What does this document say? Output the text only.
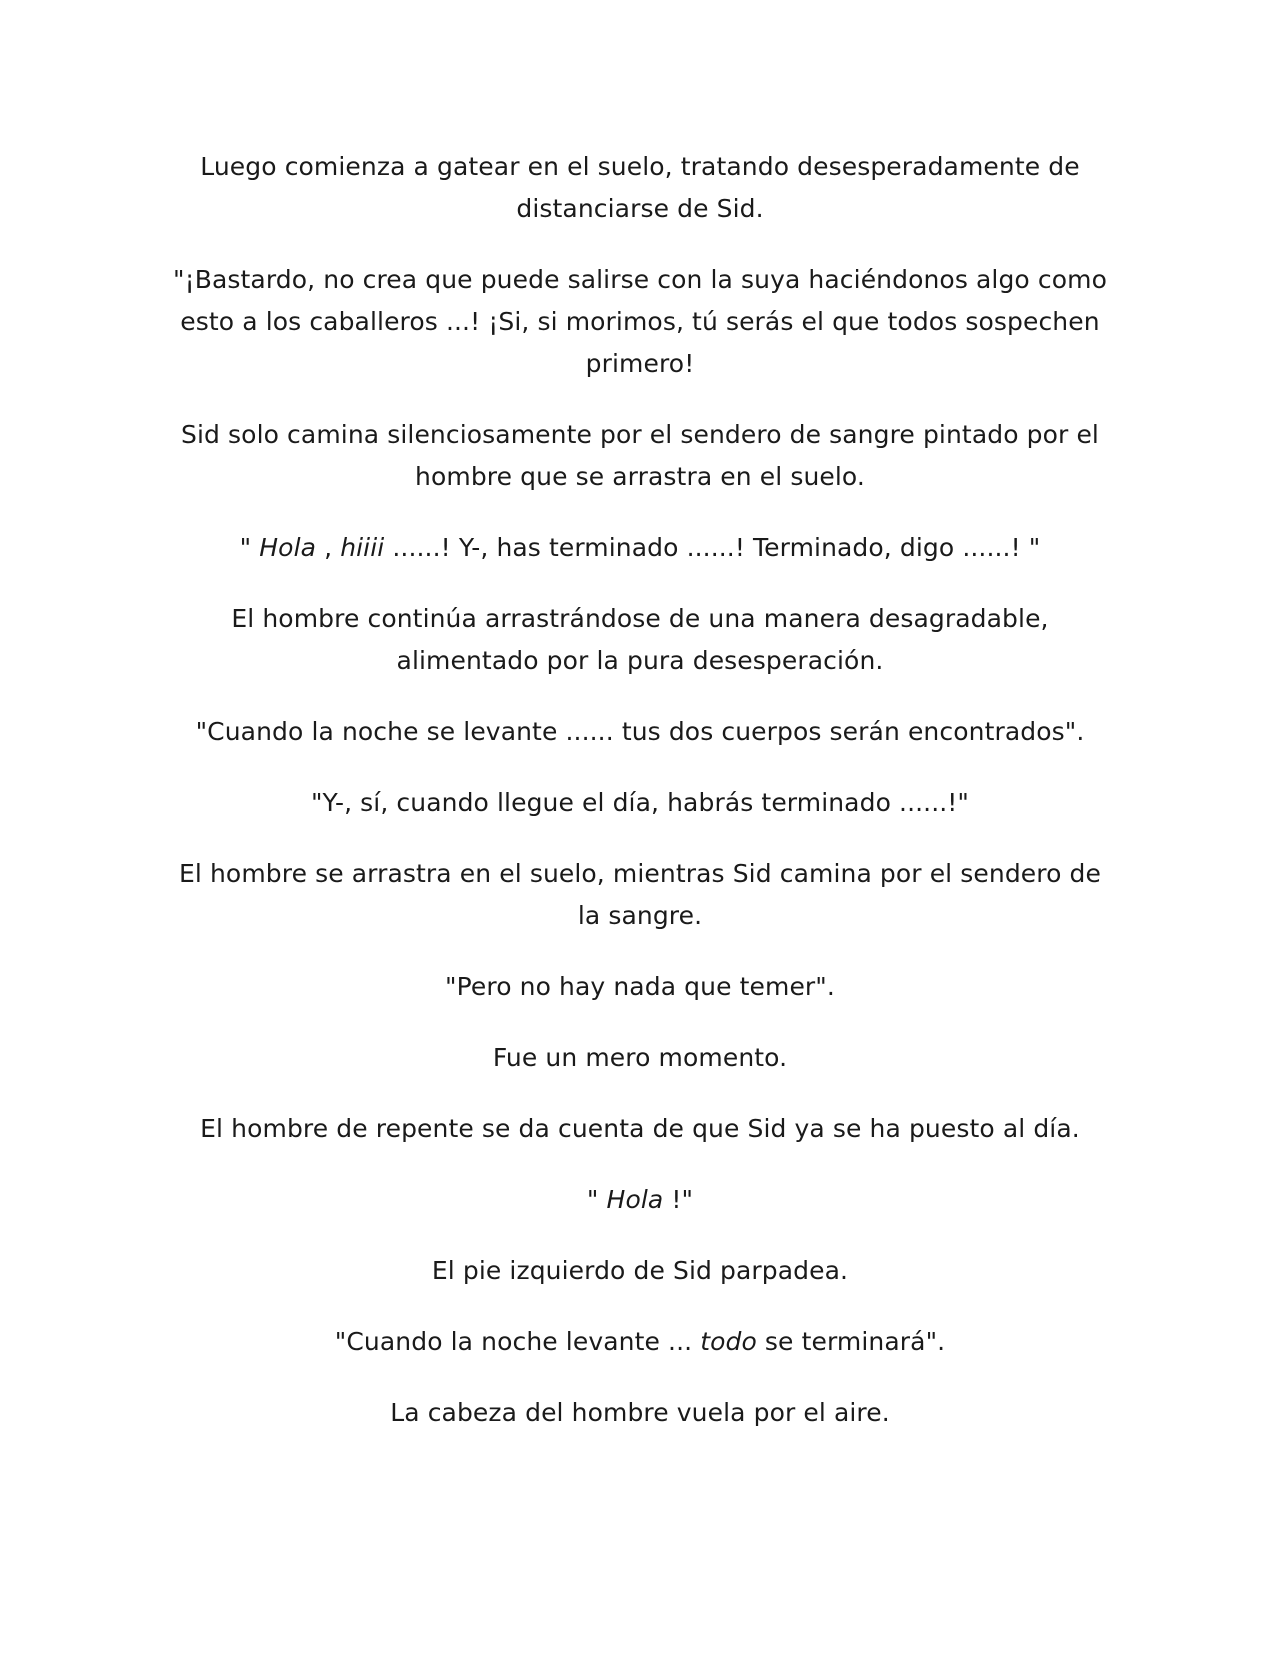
Luego comienza a gatear en el suelo, tratando desesperadamente de distanciarse de Sid.

"¡Bastardo, no crea que puede salirse con la suya haciéndonos algo como esto a los caballeros ...! ¡Si, si morimos, tú serás el que todos sospechen primero!

Sid solo camina silenciosamente por el sendero de sangre pintado por el hombre que se arrastra en el suelo.

" Hola , hiiii ......! Y-, has terminado ......! Terminado, digo ......! "

El hombre continúa arrastrándose de una manera desagradable, alimentado por la pura desesperación.

"Cuando la noche se levante ...... tus dos cuerpos serán encontrados".

"Y-, sí, cuando llegue el día, habrás terminado ......!"

El hombre se arrastra en el suelo, mientras Sid camina por el sendero de la sangre.

"Pero no hay nada que temer".

Fue un mero momento.

El hombre de repente se da cuenta de que Sid ya se ha puesto al día.

" Hola !"

El pie izquierdo de Sid parpadea.

"Cuando la noche levante ... todo se terminará".

La cabeza del hombre vuela por el aire.
